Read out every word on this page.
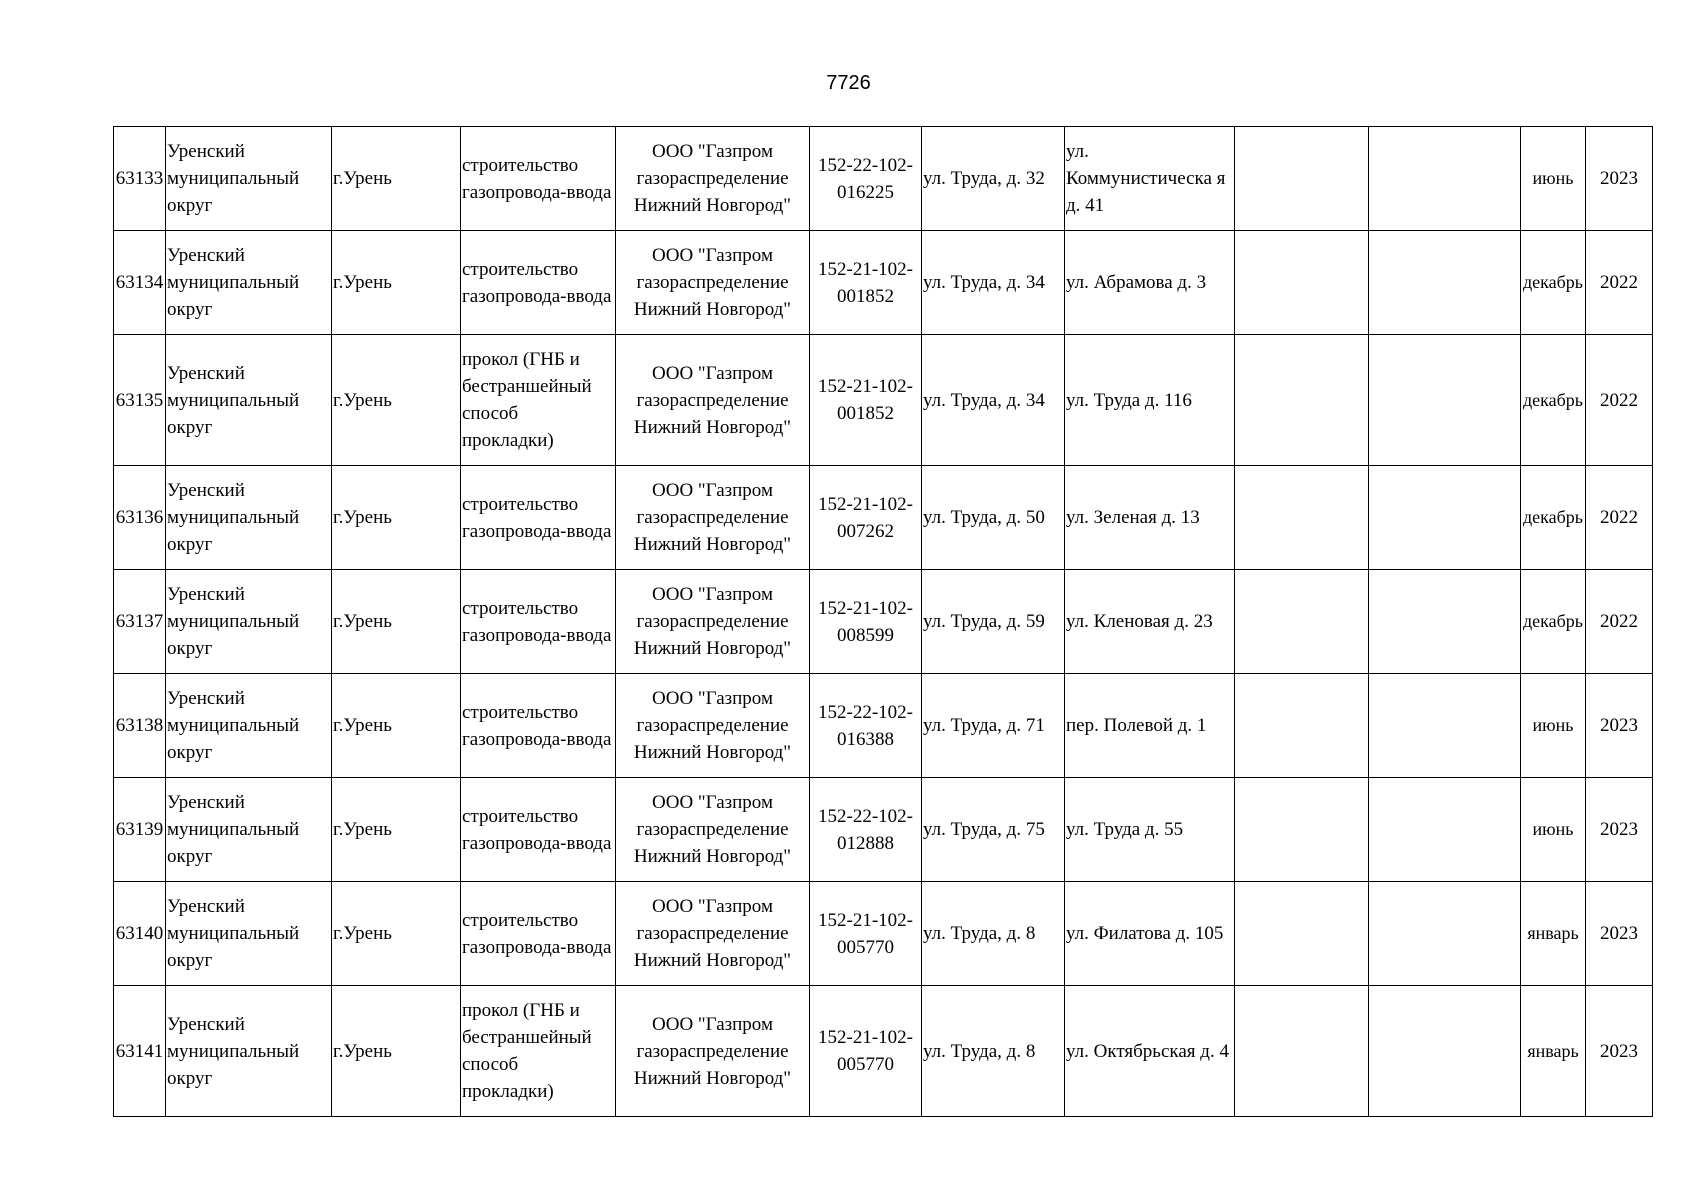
7726
63133	Уренский муниципальный округ	г.Урень	строительство газопровода-ввода	ООО "Газпром газораспределение Нижний Новгород"	152-22-102-016225	ул. Труда, д. 32	ул. Коммунистическа я д. 41			июнь	2023
63134	Уренский муниципальный округ	г.Урень	строительство газопровода-ввода	ООО "Газпром газораспределение Нижний Новгород"	152-21-102-001852	ул. Труда, д. 34	ул. Абрамова д. 3			декабрь	2022
63135	Уренский муниципальный округ	г.Урень	прокол (ГНБ и бестраншейный способ прокладки)	ООО "Газпром газораспределение Нижний Новгород"	152-21-102-001852	ул. Труда, д. 34	ул. Труда д. 116			декабрь	2022
63136	Уренский муниципальный округ	г.Урень	строительство газопровода-ввода	ООО "Газпром газораспределение Нижний Новгород"	152-21-102-007262	ул. Труда, д. 50	ул. Зеленая д. 13			декабрь	2022
63137	Уренский муниципальный округ	г.Урень	строительство газопровода-ввода	ООО "Газпром газораспределение Нижний Новгород"	152-21-102-008599	ул. Труда, д. 59	ул. Кленовая д. 23			декабрь	2022
63138	Уренский муниципальный округ	г.Урень	строительство газопровода-ввода	ООО "Газпром газораспределение Нижний Новгород"	152-22-102-016388	ул. Труда, д. 71	пер. Полевой д. 1			июнь	2023
63139	Уренский муниципальный округ	г.Урень	строительство газопровода-ввода	ООО "Газпром газораспределение Нижний Новгород"	152-22-102-012888	ул. Труда, д. 75	ул. Труда д. 55			июнь	2023
63140	Уренский муниципальный округ	г.Урень	строительство газопровода-ввода	ООО "Газпром газораспределение Нижний Новгород"	152-21-102-005770	ул. Труда, д. 8	ул. Филатова д. 105			январь	2023
63141	Уренский муниципальный округ	г.Урень	прокол (ГНБ и бестраншейный способ прокладки)	ООО "Газпром газораспределение Нижний Новгород"	152-21-102-005770	ул. Труда, д. 8	ул. Октябрьская д. 4			январь	2023
